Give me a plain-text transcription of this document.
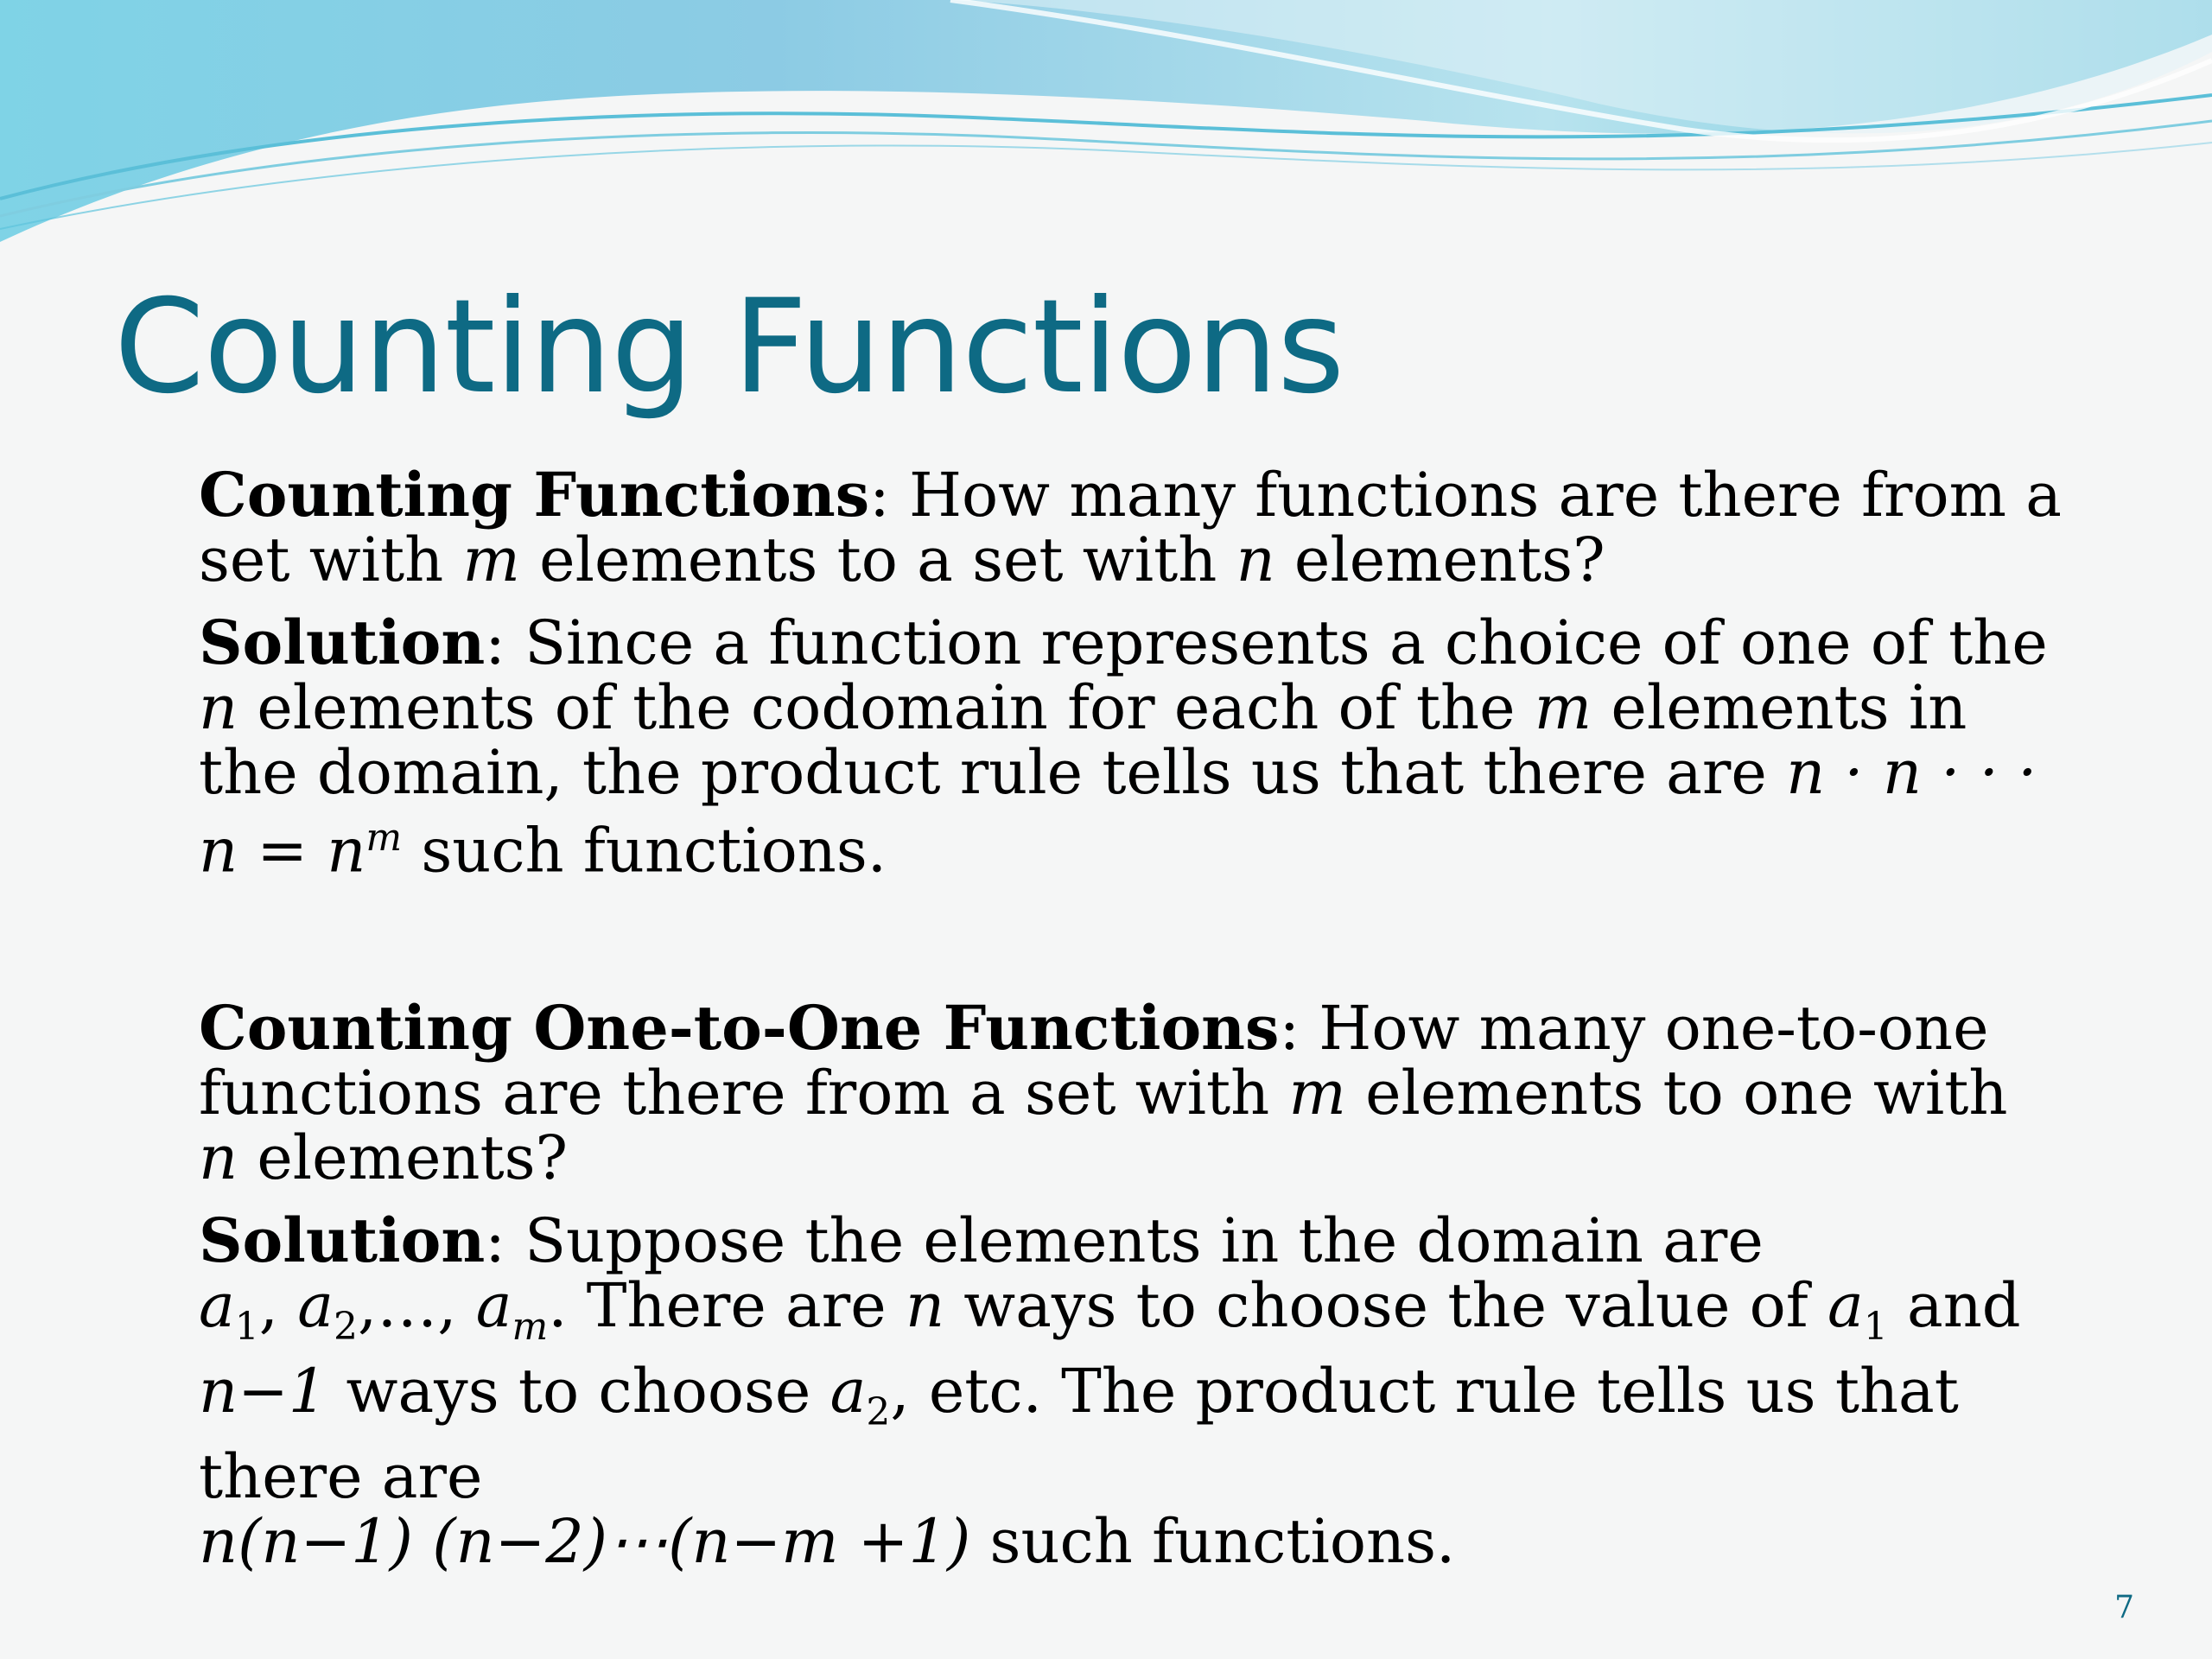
Counting Functions

Counting Functions: How many functions are there from a set with m elements to a set with n elements?

Solution: Since a function represents a choice of one of the n elements of the codomain for each of the m elements in the domain, the product rule tells us that there are n · n · · · $n = n^m$ such functions.

Counting One-to-One Functions: How many one-to-one functions are there from a set with m elements to one with n elements?

Solution: Suppose the elements in the domain are
$a_1$, $a_2,\dots$, $a_m$. There are n ways to choose the value of $a_1$ and n−1 ways to choose $a_2$, etc. The product rule tells us that there are
n(n−1) (n−2)⋯(n−m +1) such functions.

7
